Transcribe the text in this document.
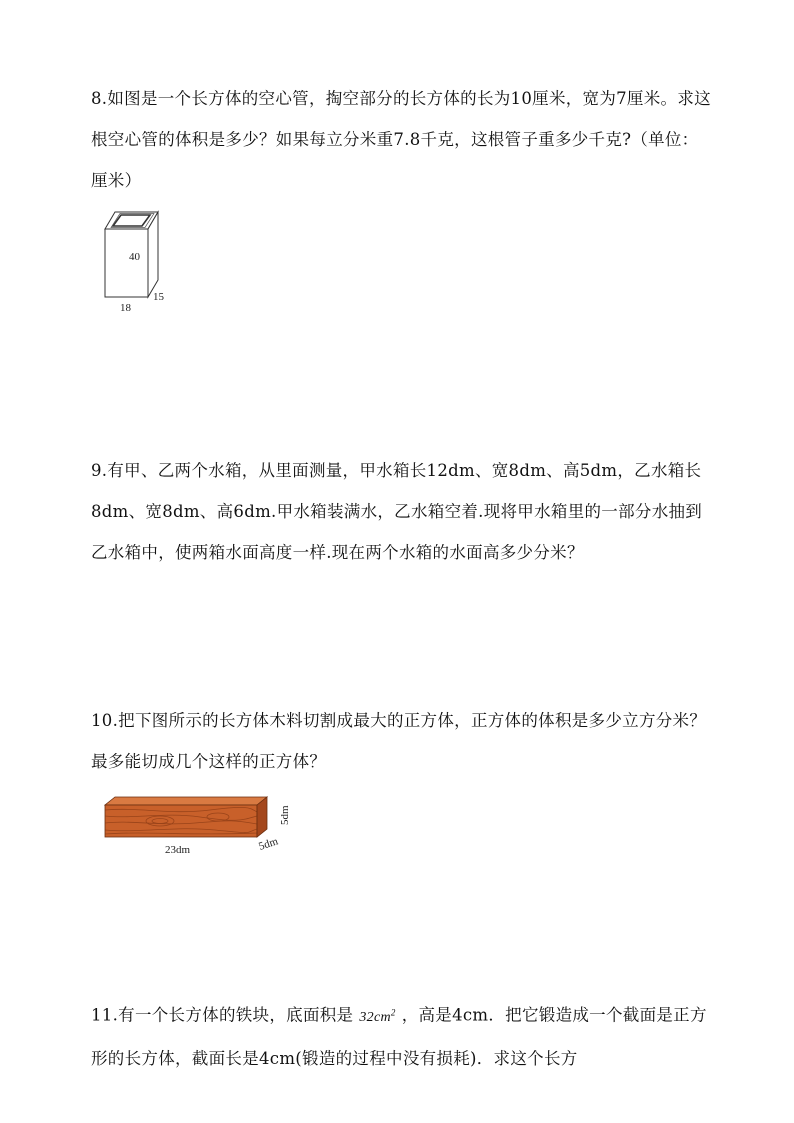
8.如图是一个长方体的空心管，掏空部分的长方体的长为10厘米，宽为7厘米。求这根空心管的体积是多少？如果每立分米重7.8千克，这根管子重多少千克?（单位：厘米）

40
18
15

9.有甲、乙两个水箱，从里面测量，甲水箱长12dm、宽8dm、高5dm，乙水箱长8dm、宽8dm、高6dm.甲水箱装满水，乙水箱空着.现将甲水箱里的一部分水抽到乙水箱中，使两箱水面高度一样.现在两个水箱的水面高多少分米？

10.把下图所示的长方体木料切割成最大的正方体，正方体的体积是多少立方分米？最多能切成几个这样的正方体？

23dm	5dm
5dm

11.有一个长方体的铁块，底面积是 $32cm^2$ ，高是4cm．把它锻造成一个截面是正方形的长方体，截面长是4cm(锻造的过程中没有损耗)．求这个长方
